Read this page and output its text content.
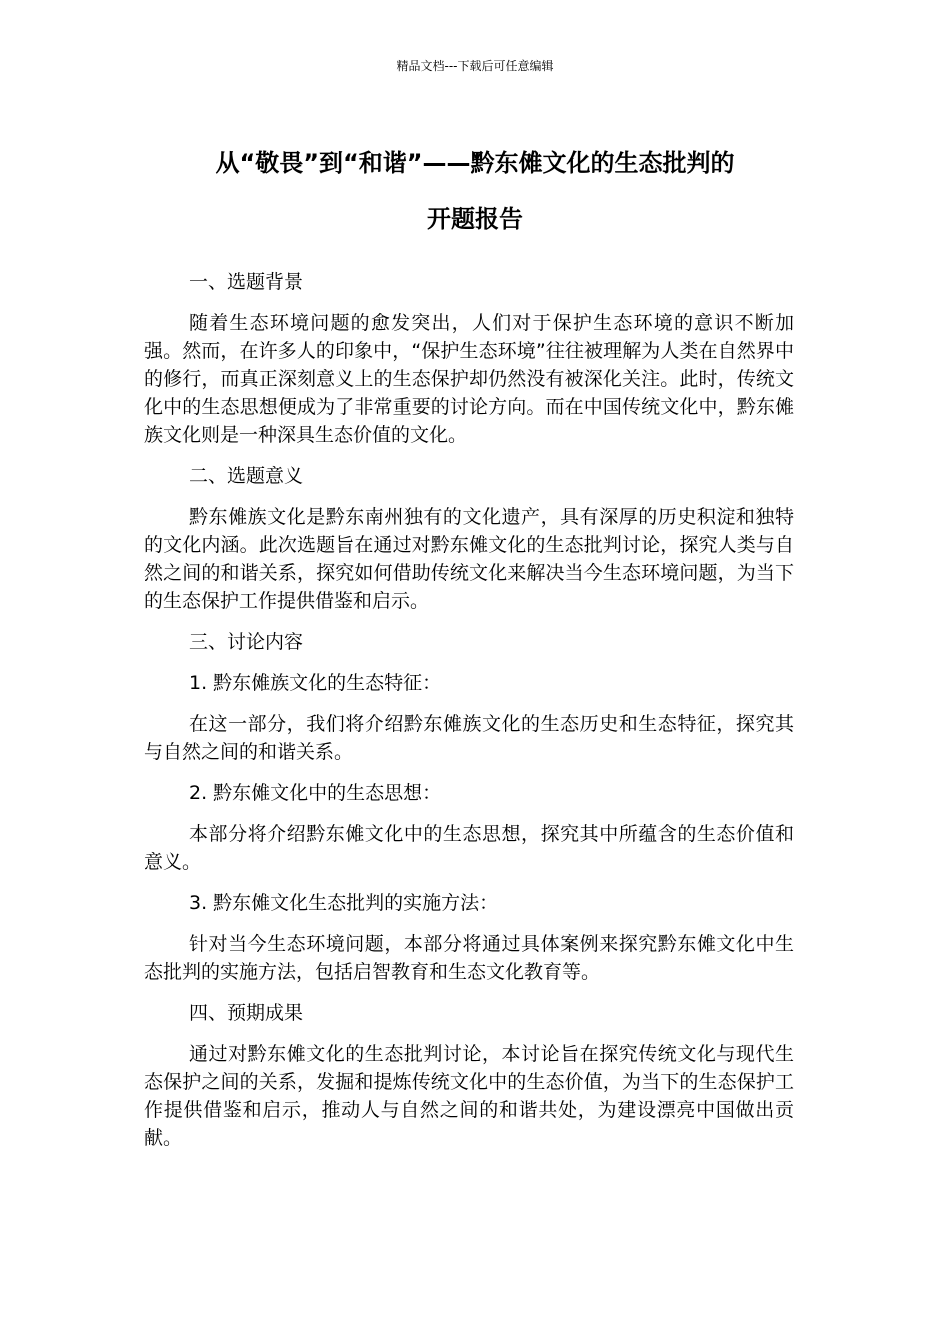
精品文档---下载后可任意编辑
从“敬畏”到“和谐”——黔东傩文化的生态批判的
开题报告

一、选题背景

随着生态环境问题的愈发突出，人们对于保护生态环境的意识不断加强。然而，在许多人的印象中，“保护生态环境”往往被理解为人类在自然界中的修行，而真正深刻意义上的生态保护却仍然没有被深化关注。此时，传统文化中的生态思想便成为了非常重要的讨论方向。而在中国传统文化中，黔东傩族文化则是一种深具生态价值的文化。

二、选题意义

黔东傩族文化是黔东南州独有的文化遗产，具有深厚的历史积淀和独特的文化内涵。此次选题旨在通过对黔东傩文化的生态批判讨论，探究人类与自然之间的和谐关系，探究如何借助传统文化来解决当今生态环境问题，为当下的生态保护工作提供借鉴和启示。

三、讨论内容

1. 黔东傩族文化的生态特征：

在这一部分，我们将介绍黔东傩族文化的生态历史和生态特征，探究其与自然之间的和谐关系。

2. 黔东傩文化中的生态思想：

本部分将介绍黔东傩文化中的生态思想，探究其中所蕴含的生态价值和意义。

3. 黔东傩文化生态批判的实施方法：

针对当今生态环境问题，本部分将通过具体案例来探究黔东傩文化中生态批判的实施方法，包括启智教育和生态文化教育等。

四、预期成果

通过对黔东傩文化的生态批判讨论，本讨论旨在探究传统文化与现代生态保护之间的关系，发掘和提炼传统文化中的生态价值，为当下的生态保护工作提供借鉴和启示，推动人与自然之间的和谐共处，为建设漂亮中国做出贡献。
